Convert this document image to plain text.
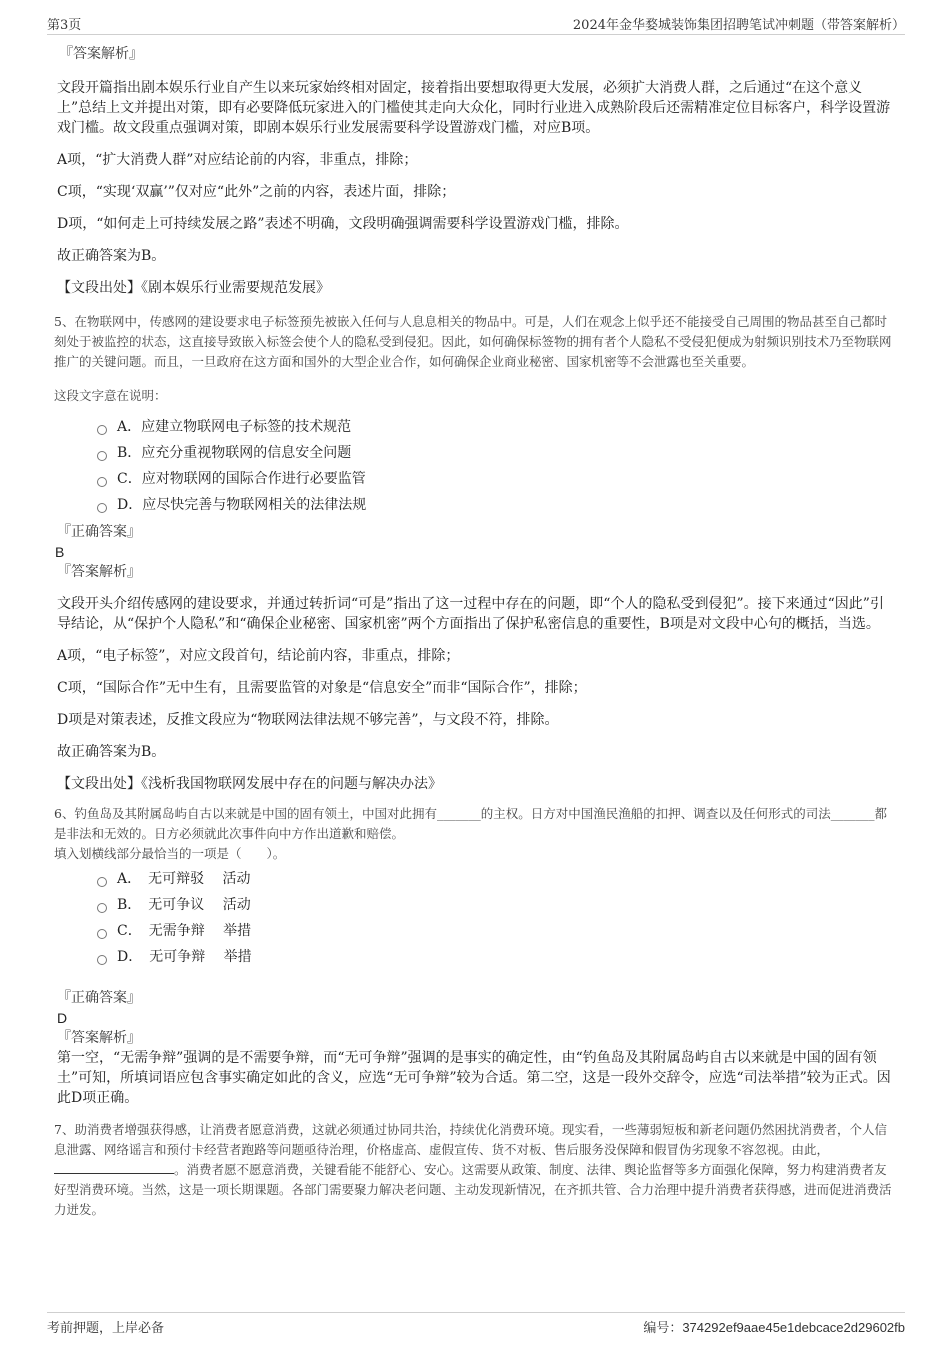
第3页	2024年金华婺城装饰集团招聘笔试冲刺题（带答案解析）
『答案解析』

文段开篇指出剧本娱乐行业自产生以来玩家始终相对固定，接着指出要想取得更大发展，必须扩大消费人群，之后通过“在这个意义上”总结上文并提出对策，即有必要降低玩家进入的门槛使其走向大众化，同时行业进入成熟阶段后还需精准定位目标客户，科学设置游戏门槛。故文段重点强调对策，即剧本娱乐行业发展需要科学设置游戏门槛，对应B项。

A项，“扩大消费人群”对应结论前的内容，非重点，排除；

C项，“实现‘双赢’”仅对应“此外”之前的内容，表述片面，排除；

D项，“如何走上可持续发展之路”表述不明确，文段明确强调需要科学设置游戏门槛，排除。

故正确答案为B。

【文段出处】《剧本娱乐行业需要规范发展》

5、在物联网中，传感网的建设要求电子标签预先被嵌入任何与人息息相关的物品中。可是，人们在观念上似乎还不能接受自己周围的物品甚至自己都时刻处于被监控的状态，这直接导致嵌入标签会使个人的隐私受到侵犯。因此，如何确保标签物的拥有者个人隐私不受侵犯便成为射频识别技术乃至物联网推广的关键问题。而且，一旦政府在这方面和国外的大型企业合作，如何确保企业商业秘密、国家机密等不会泄露也至关重要。

这段文字意在说明：

A．应建立物联网电子标签的技术规范
B．应充分重视物联网的信息安全问题
C．应对物联网的国际合作进行必要监管
D．应尽快完善与物联网相关的法律法规
『正确答案』
B
『答案解析』

文段开头介绍传感网的建设要求，并通过转折词“可是”指出了这一过程中存在的问题，即“个人的隐私受到侵犯”。接下来通过“因此”引导结论，从“保护个人隐私”和“确保企业秘密、国家机密”两个方面指出了保护私密信息的重要性，B项是对文段中心句的概括，当选。

A项，“电子标签”，对应文段首句，结论前内容，非重点，排除；

C项，“国际合作”无中生有，且需要监管的对象是“信息安全”而非“国际合作”，排除；

D项是对策表述，反推文段应为“物联网法律法规不够完善”，与文段不符，排除。

故正确答案为B。

【文段出处】《浅析我国物联网发展中存在的问题与解决办法》

6、钓鱼岛及其附属岛屿自古以来就是中国的固有领土，中国对此拥有_______的主权。日方对中国渔民渔船的扣押、调查以及任何形式的司法_______都是非法和无效的。日方必须就此次事件向中方作出道歉和赔偿。

填入划横线部分最恰当的一项是（　　）。

A．　无可辩驳　 活动
B．　无可争议　 活动
C．　无需争辩　 举措
D．　无可争辩　 举措
『正确答案』
D
『答案解析』

第一空，“无需争辩”强调的是不需要争辩，而“无可争辩”强调的是事实的确定性，由“钓鱼岛及其附属岛屿自古以来就是中国的固有领土”可知，所填词语应包含事实确定如此的含义，应选“无可争辩”较为合适。第二空，这是一段外交辞令，应选“司法举措”较为正式。因此D项正确。

7、助消费者增强获得感，让消费者愿意消费，这就必须通过协同共治，持续优化消费环境。现实看，一些薄弱短板和新老问题仍然困扰消费者，个人信息泄露、网络谣言和预付卡经营者跑路等问题亟待治理，价格虚高、虚假宣传、货不对板、售后服务没保障和假冒伪劣现象不容忽视。由此，。消费者愿不愿意消费，关键看能不能舒心、安心。这需要从政策、制度、法律、舆论监督等多方面强化保障，努力构建消费者友好型消费环境。当然，这是一项长期课题。各部门需要聚力解决老问题、主动发现新情况，在齐抓共管、合力治理中提升消费者获得感，进而促进消费活力迸发。

考前押题，上岸必备	编号：374292ef9aae45e1debcace2d29602fb
